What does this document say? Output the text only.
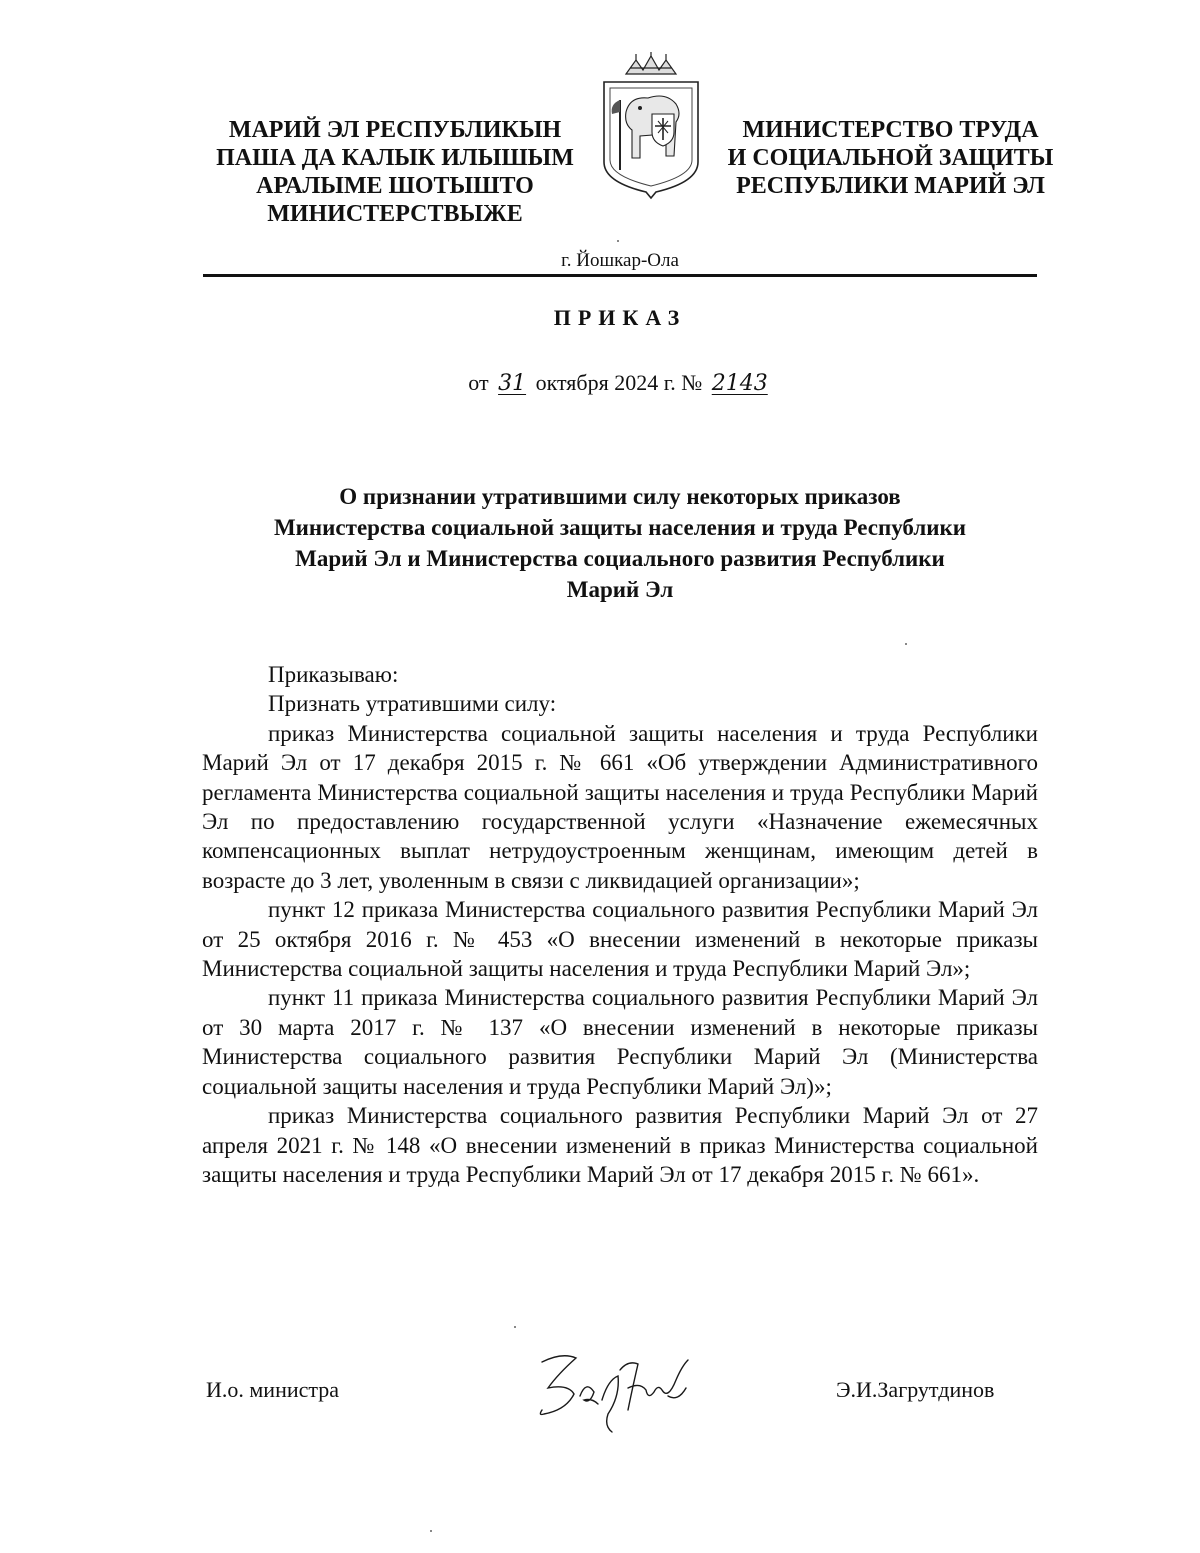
МАРИЙ ЭЛ РЕСПУБЛИКЫН
ПАША ДА КАЛЫК ИЛЫШЫМ
АРАЛЫМЕ ШОТЫШТО
МИНИСТЕРСТВЫЖЕ
МИНИСТЕРСТВО ТРУДА
И СОЦИАЛЬНОЙ ЗАЩИТЫ
РЕСПУБЛИКИ МАРИЙ ЭЛ
г. Йошкар-Ола
ПРИКАЗ
от 31 октября 2024 г. № 2143
О признании утратившими силу некоторых приказов
Министерства социальной защиты населения и труда Республики
Марий Эл и Министерства социального развития Республики
Марий Эл

Приказываю:

Признать утратившими силу:

приказ Министерства социальной защиты населения и труда Республики Марий Эл от 17 декабря 2015 г. № 661 «Об утверждении Административного регламента Министерства социальной защиты населения и труда Республики Марий Эл по предоставлению государственной услуги «Назначение ежемесячных компенсационных выплат нетрудоустроенным женщинам, имеющим детей в возрасте до 3 лет, уволенным в связи с ликвидацией организации»;

пункт 12 приказа Министерства социального развития Республики Марий Эл от 25 октября 2016 г. № 453 «О внесении изменений в некоторые приказы Министерства социальной защиты населения и труда Республики Марий Эл»;

пункт 11 приказа Министерства социального развития Республики Марий Эл от 30 марта 2017 г. № 137 «О внесении изменений в некоторые приказы Министерства социального развития Республики Марий Эл (Министерства социальной защиты населения и труда Республики Марий Эл)»;

приказ Министерства социального развития Республики Марий Эл от 27 апреля 2021 г. № 148 «О внесении изменений в приказ Министерства социальной защиты населения и труда Республики Марий Эл от 17 декабря 2015 г. № 661».

И.о. министра	Э.И.Загрутдинов
